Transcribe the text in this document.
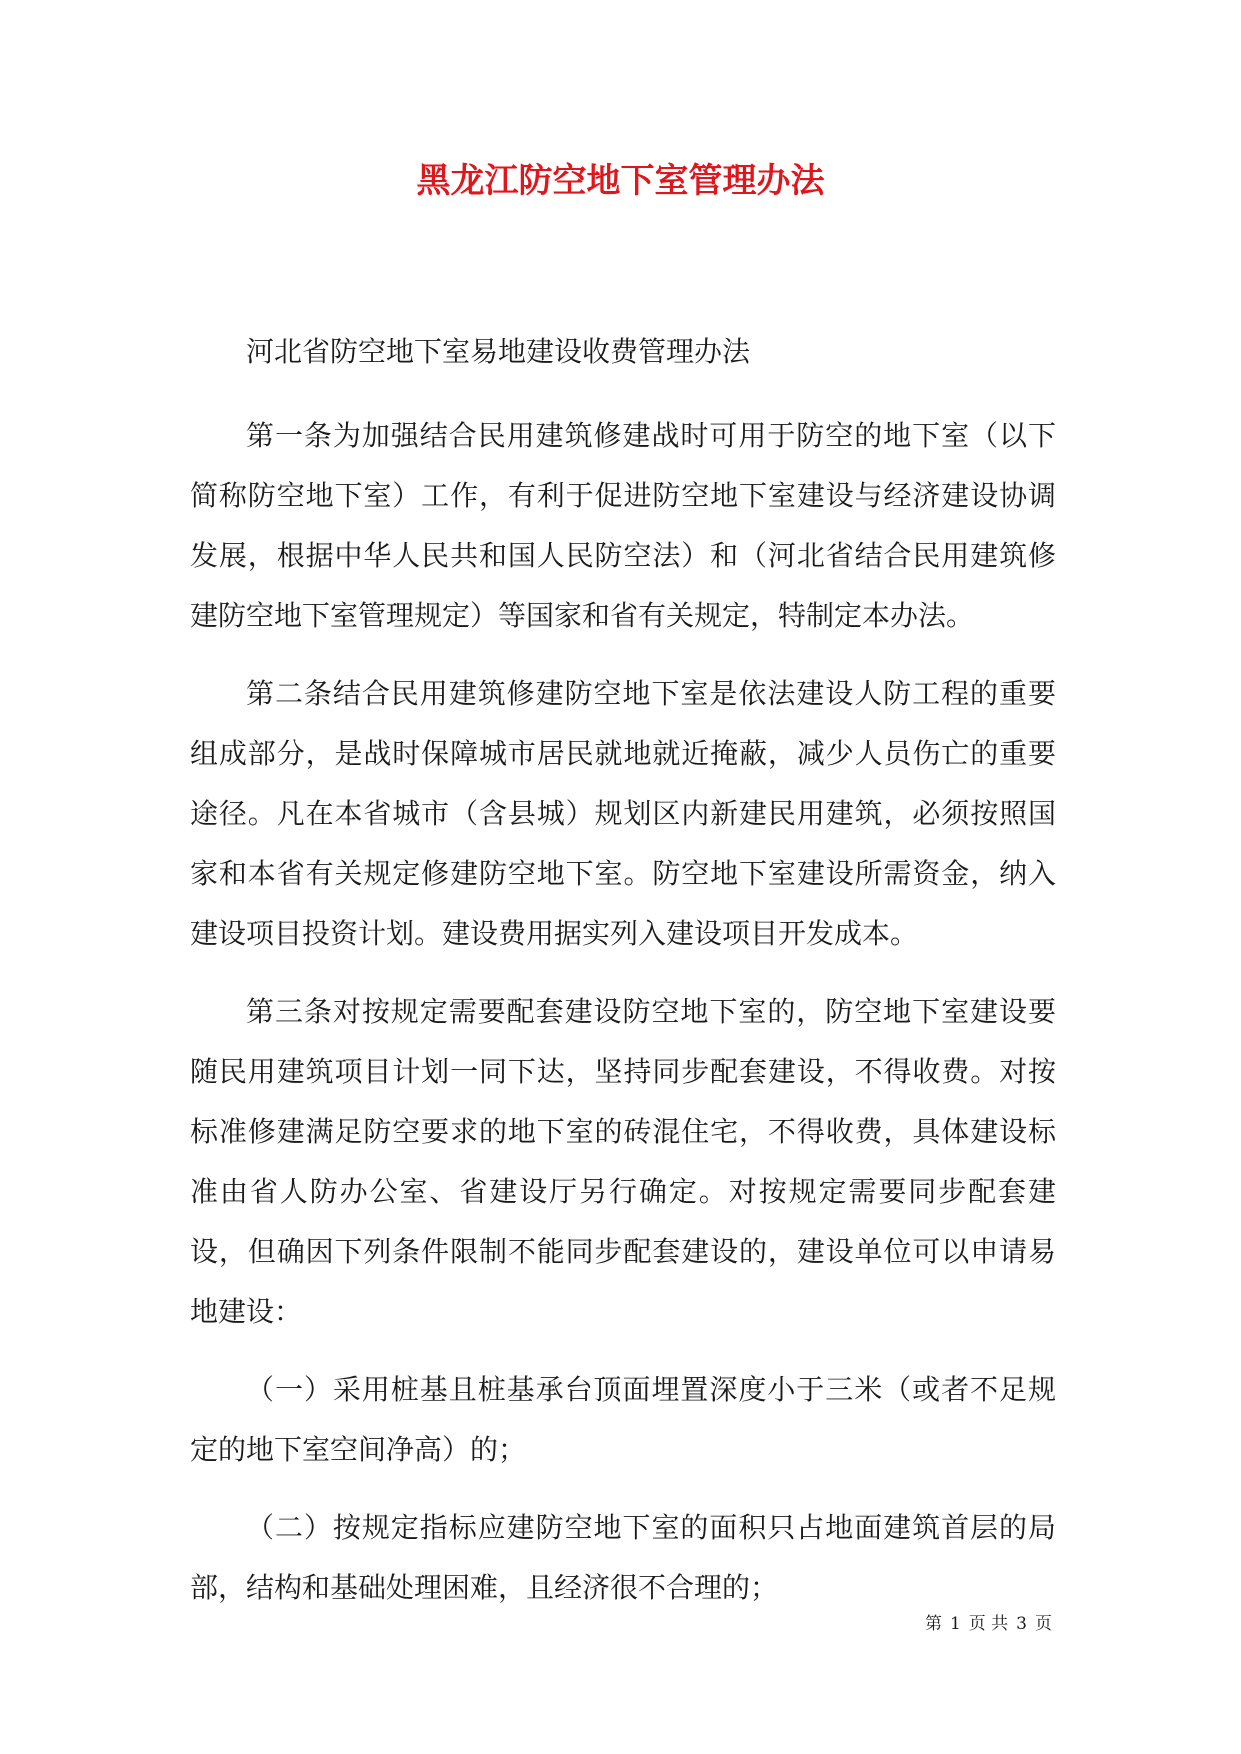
黑龙江防空地下室管理办法

河北省防空地下室易地建设收费管理办法

第一条为加强结合民用建筑修建战时可用于防空的地下室（以下简称防空地下室）工作，有利于促进防空地下室建设与经济建设协调发展，根据中华人民共和国人民防空法）和（河北省结合民用建筑修建防空地下室管理规定）等国家和省有关规定，特制定本办法。

第二条结合民用建筑修建防空地下室是依法建设人防工程的重要组成部分，是战时保障城市居民就地就近掩蔽，减少人员伤亡的重要途径。凡在本省城市（含县城）规划区内新建民用建筑，必须按照国家和本省有关规定修建防空地下室。防空地下室建设所需资金，纳入建设项目投资计划。建设费用据实列入建设项目开发成本。

第三条对按规定需要配套建设防空地下室的，防空地下室建设要随民用建筑项目计划一同下达，坚持同步配套建设，不得收费。对按标准修建满足防空要求的地下室的砖混住宅，不得收费，具体建设标准由省人防办公室、省建设厅另行确定。对按规定需要同步配套建设，但确因下列条件限制不能同步配套建设的，建设单位可以申请易地建设：

（一）采用桩基且桩基承台顶面埋置深度小于三米（或者不足规定的地下室空间净高）的；

（二）按规定指标应建防空地下室的面积只占地面建筑首层的局部，结构和基础处理困难，且经济很不合理的；

第 1 页 共 3 页
